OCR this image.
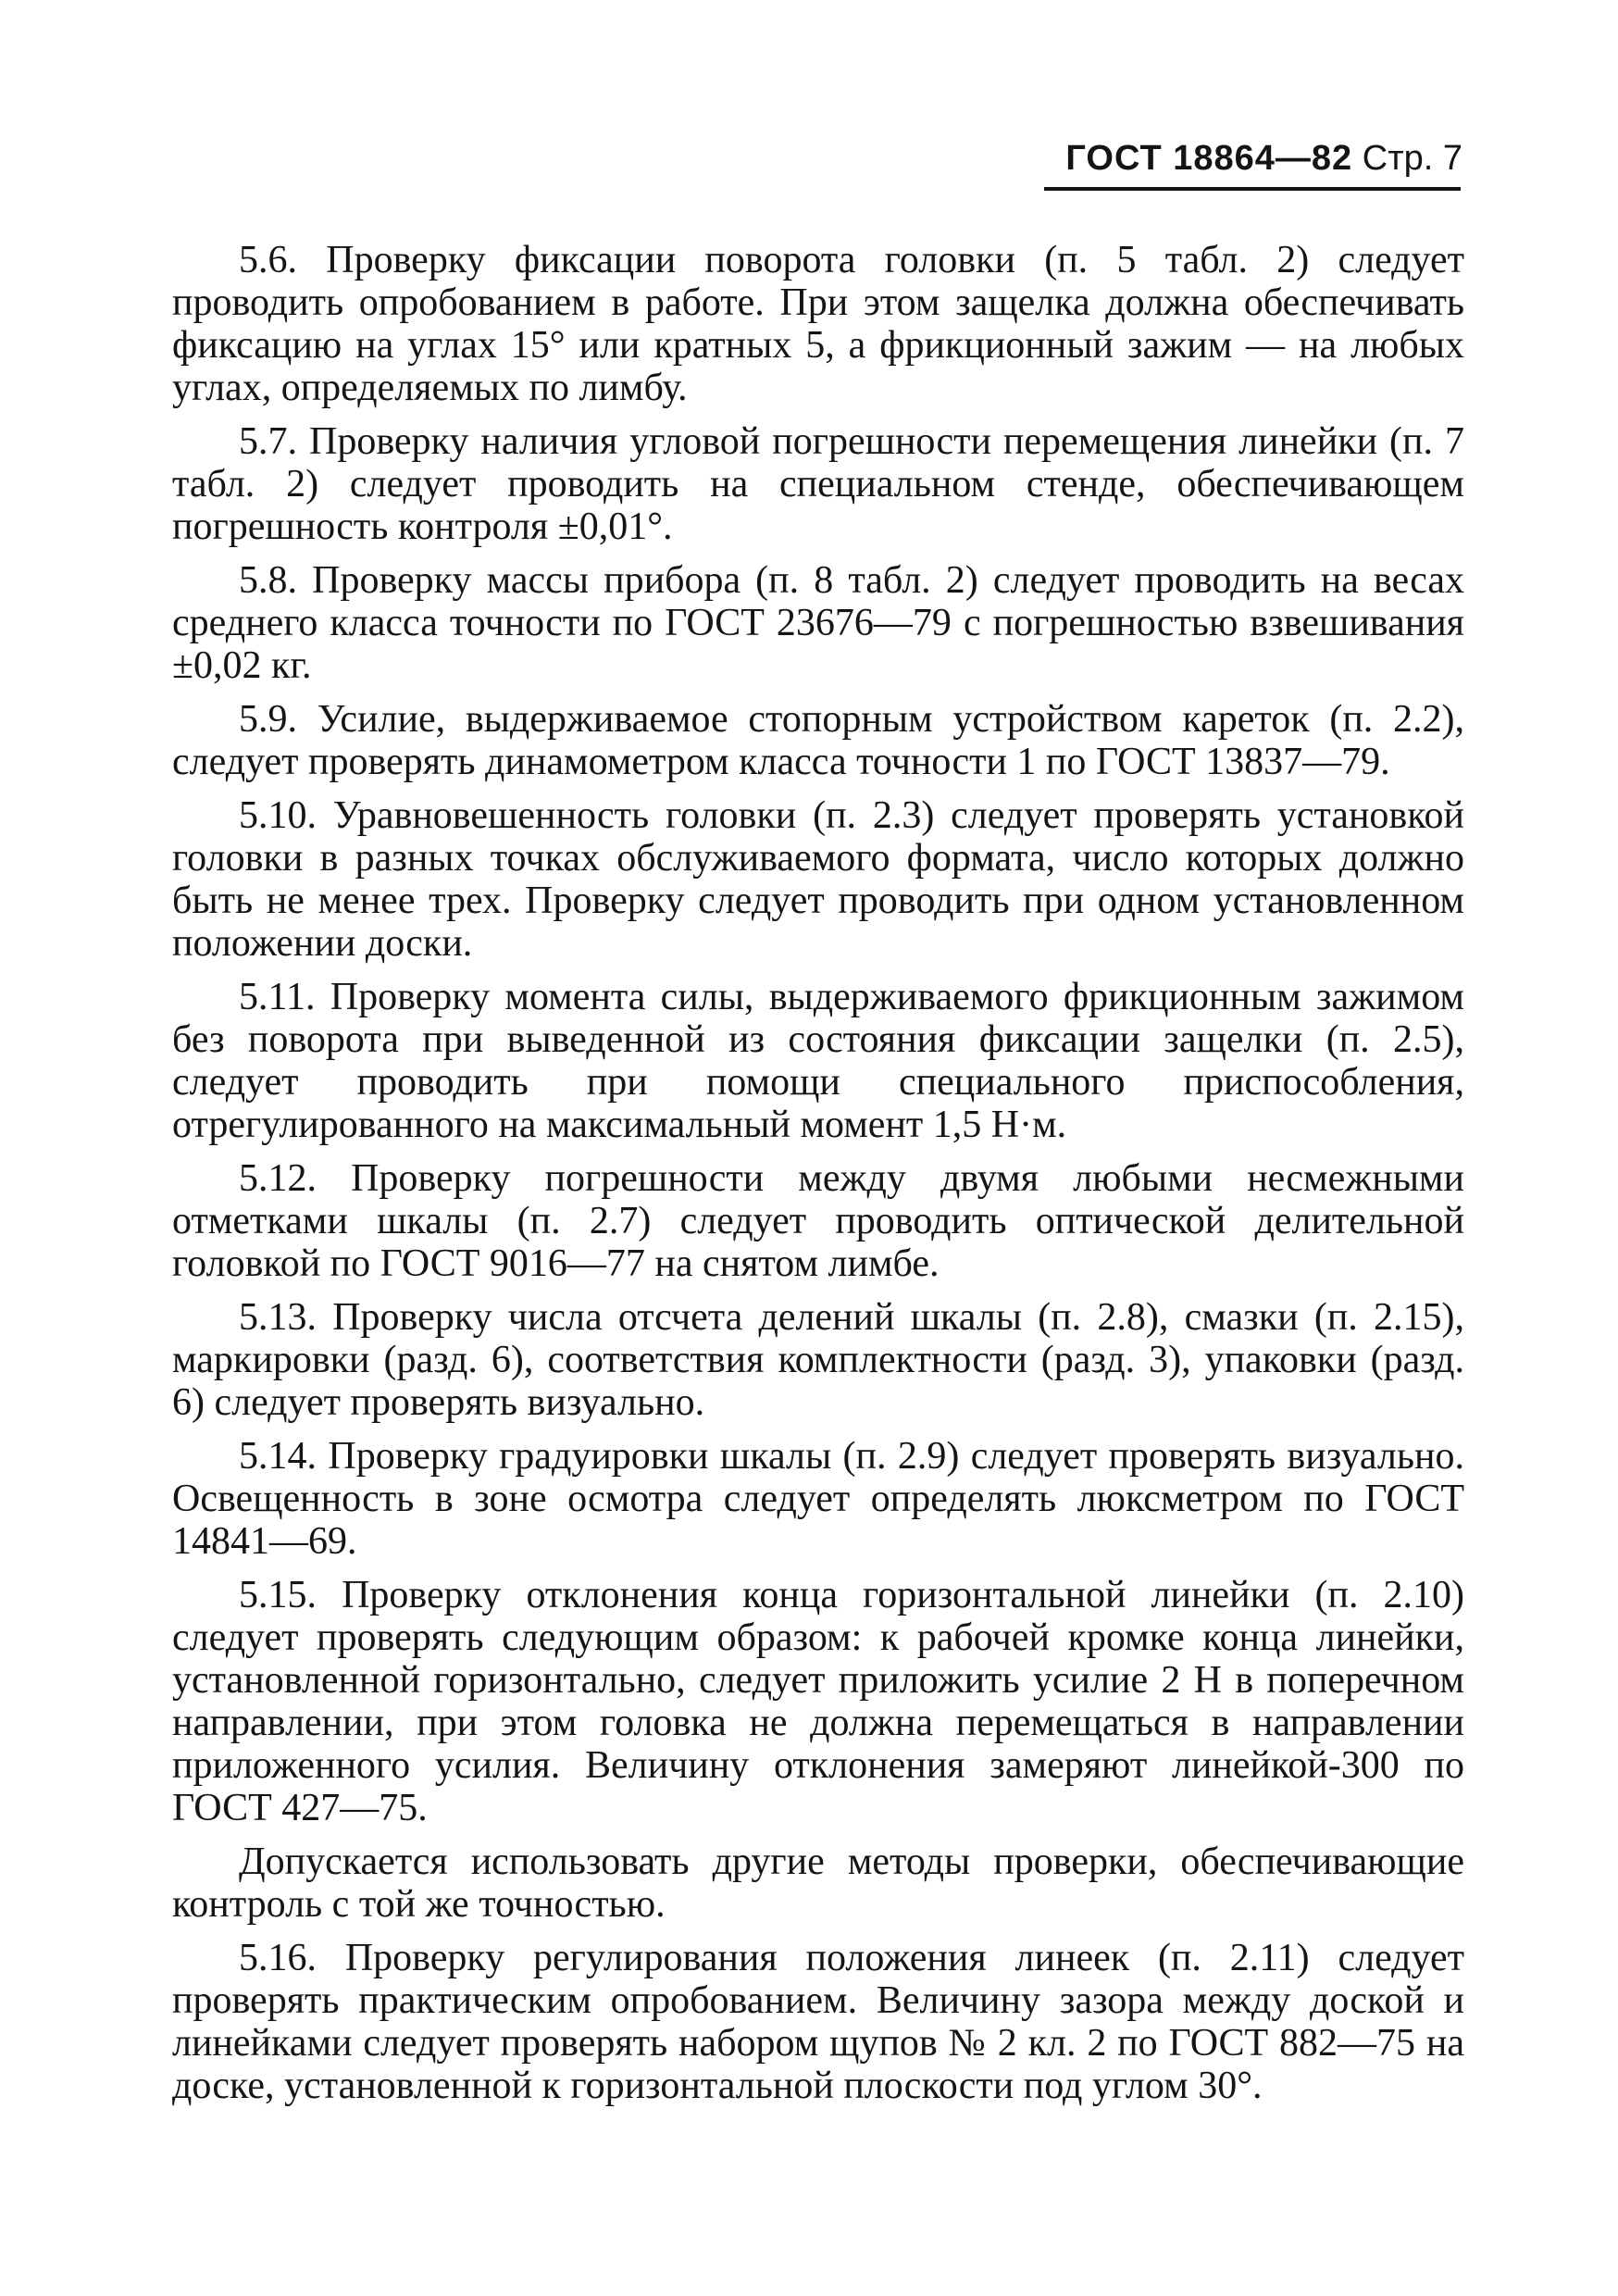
ГОСТ 18864—82 Стр. 7

5.6. Проверку фиксации поворота головки (п. 5 табл. 2) следует проводить опробованием в работе. При этом защелка должна обеспечивать фиксацию на углах 15° или кратных 5, а фрикционный зажим — на любых углах, определяемых по лимбу.

5.7. Проверку наличия угловой погрешности перемещения линейки (п. 7 табл. 2) следует проводить на специальном стенде, обеспечивающем погрешность контроля ±0,01°.

5.8. Проверку массы прибора (п. 8 табл. 2) следует проводить на весах среднего класса точности по ГОСТ 23676—79 с погрешностью взвешивания ±0,02 кг.

5.9. Усилие, выдерживаемое стопорным устройством кареток (п. 2.2), следует проверять динамометром класса точности 1 по ГОСТ 13837—79.

5.10. Уравновешенность головки (п. 2.3) следует проверять установкой головки в разных точках обслуживаемого формата, число которых должно быть не менее трех. Проверку следует проводить при одном установленном положении доски.

5.11. Проверку момента силы, выдерживаемого фрикционным зажимом без поворота при выведенной из состояния фиксации защелки (п. 2.5), следует проводить при помощи специального приспособления, отрегулированного на максимальный момент 1,5 Н·м.

5.12. Проверку погрешности между двумя любыми несмежными отметками шкалы (п. 2.7) следует проводить оптической делительной головкой по ГОСТ 9016—77 на снятом лимбе.

5.13. Проверку числа отсчета делений шкалы (п. 2.8), смазки (п. 2.15), маркировки (разд. 6), соответствия комплектности (разд. 3), упаковки (разд. 6) следует проверять визуально.

5.14. Проверку градуировки шкалы (п. 2.9) следует проверять визуально. Освещенность в зоне осмотра следует определять люксметром по ГОСТ 14841—69.

5.15. Проверку отклонения конца горизонтальной линейки (п. 2.10) следует проверять следующим образом: к рабочей кромке конца линейки, установленной горизонтально, следует приложить усилие 2 Н в поперечном направлении, при этом головка не должна перемещаться в направлении приложенного усилия. Величину отклонения замеряют линейкой-300 по ГОСТ 427—75.

Допускается использовать другие методы проверки, обеспечивающие контроль с той же точностью.

5.16. Проверку регулирования положения линеек (п. 2.11) следует проверять практическим опробованием. Величину зазора между доской и линейками следует проверять набором щупов № 2 кл. 2 по ГОСТ 882—75 на доске, установленной к горизонтальной плоскости под углом 30°.
